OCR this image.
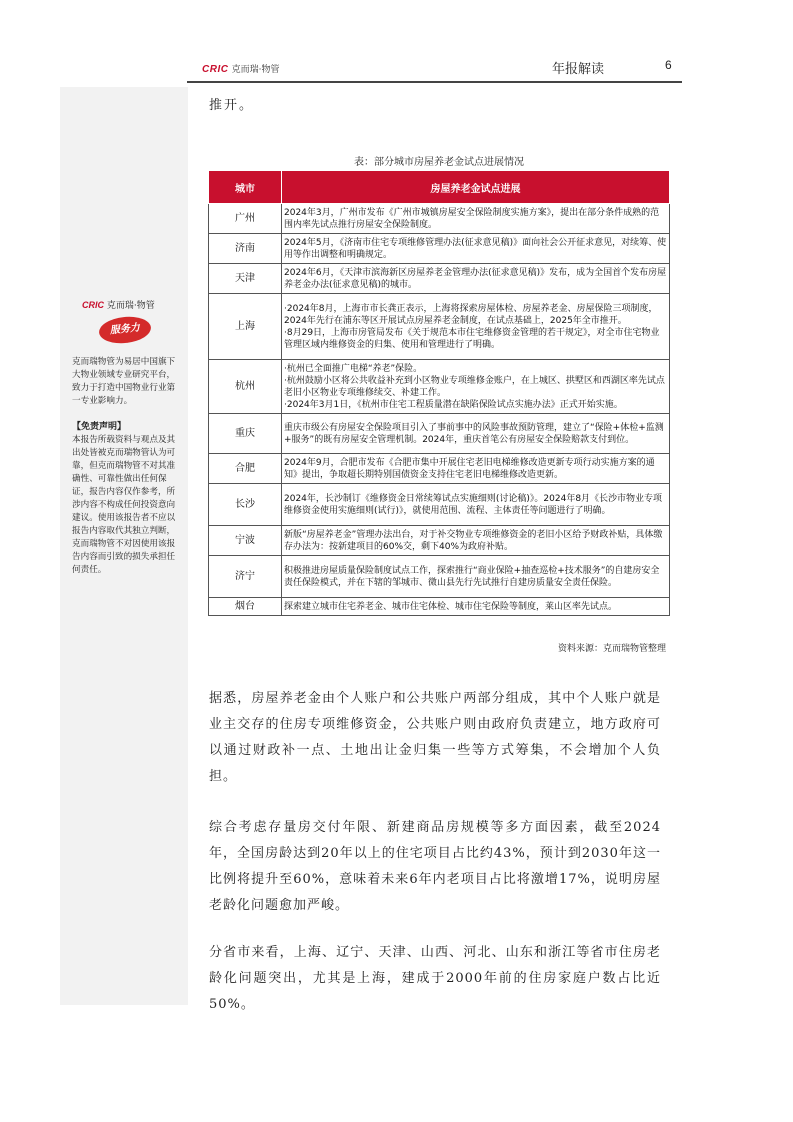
CRIC 克而瑞·物管	年报解读	6
CRIC 克而瑞·物管
服务力
克而瑞物管为易居中国旗下大物业领域专业研究平台，致力于打造中国物业行业第一专业影响力。
【免责声明】
本报告所载资料与观点及其出处皆被克而瑞物管认为可靠，但克而瑞物管不对其准确性、可靠性做出任何保证，报告内容仅作参考，所涉内容不构成任何投资意向建议。使用该报告者不应以报告内容取代其独立判断，克而瑞物管不对因使用该报告内容而引致的损失承担任何责任。
推开。
表：部分城市房屋养老金试点进展情况
城市	房屋养老金试点进展
广州	2024年3月，广州市发布《广州市城镇房屋安全保险制度实施方案》，提出在部分条件成熟的范围内率先试点推行房屋安全保险制度。
济南	2024年5月，《济南市住宅专项维修管理办法(征求意见稿)》面向社会公开征求意见，对续筹、使用等作出调整和明确规定。
天津	2024年6月，《天津市滨海新区房屋养老金管理办法(征求意见稿)》发布，成为全国首个发布房屋养老金办法(征求意见稿)的城市。
上海	·2024年8月，上海市市长龚正表示，上海将探索房屋体检、房屋养老金、房屋保险三项制度，2024年先行在浦东等区开展试点房屋养老金制度，在试点基础上，2025年全市推开。
·8月29日，上海市房管局发布《关于规范本市住宅维修资金管理的若干规定》，对全市住宅物业管理区域内维修资金的归集、使用和管理进行了明确。
杭州	·杭州已全面推广电梯“养老”保险。
·杭州鼓励小区将公共收益补充到小区物业专项维修金账户，在上城区、拱墅区和西湖区率先试点老旧小区物业专项维修续交、补建工作。
·2024年3月1日，《杭州市住宅工程质量潜在缺陷保险试点实施办法》正式开始实施。
重庆	重庆市级公有房屋安全保险项目引入了事前事中的风险事故预防管理，建立了“保险+体检+监测+服务”的既有房屋安全管理机制。2024年，重庆首笔公有房屋安全保险赔款支付到位。
合肥	2024年9月，合肥市发布《合肥市集中开展住宅老旧电梯维修改造更新专项行动实施方案的通知》提出，争取超长期特别国债资金支持住宅老旧电梯维修改造更新。
长沙	2024年，长沙制订《维修资金日常续筹试点实施细则(讨论稿)》。2024年8月《长沙市物业专项维修资金使用实施细则(试行)》，就使用范围、流程、主体责任等问题进行了明确。
宁波	新版“房屋养老金”管理办法出台，对于补交物业专项维修资金的老旧小区给予财政补贴，具体缴存办法为：按新建项目的60%交，剩下40%为政府补贴。
济宁	积极推进房屋质量保险制度试点工作，探索推行“商业保险+抽查巡检+技术服务”的自建房安全责任保险模式，并在下辖的邹城市、微山县先行先试推行自建房质量安全责任保险。
烟台	探索建立城市住宅养老金、城市住宅体检、城市住宅保险等制度，莱山区率先试点。
资料来源：克而瑞物管整理
据悉，房屋养老金由个人账户和公共账户两部分组成，其中个人账户就是业主交存的住房专项维修资金，公共账户则由政府负责建立，地方政府可以通过财政补一点、土地出让金归集一些等方式筹集，不会增加个人负担。
综合考虑存量房交付年限、新建商品房规模等多方面因素，截至2024年，全国房龄达到20年以上的住宅项目占比约43%，预计到2030年这一比例将提升至60%，意味着未来6年内老项目占比将激增17%，说明房屋老龄化问题愈加严峻。
分省市来看，上海、辽宁、天津、山西、河北、山东和浙江等省市住房老龄化问题突出，尤其是上海，建成于2000年前的住房家庭户数占比近50%。
